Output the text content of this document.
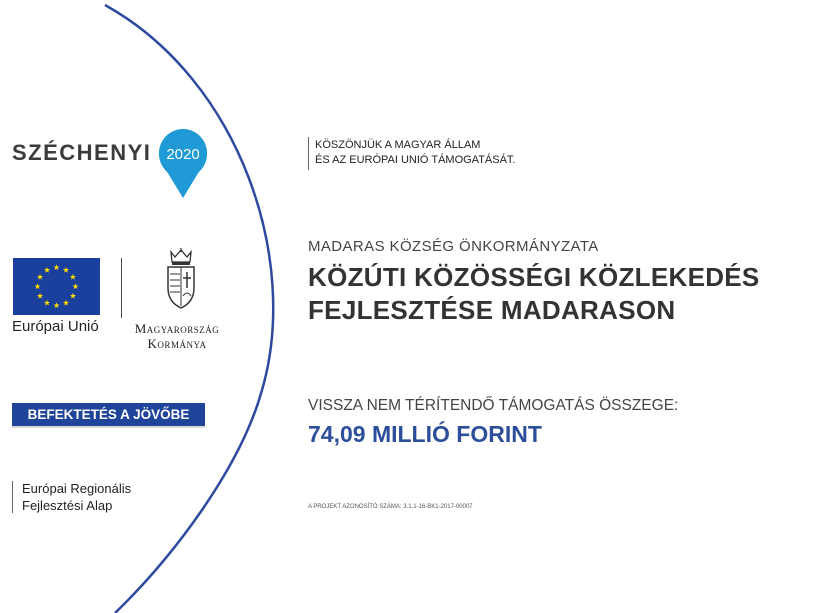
SZÉCHENYI 2020
Európai Unió	Magyarország
Kormánya
BEFEKTETÉS A JÖVŐBE
Európai Regionális
Fejlesztési Alap
KÖSZÖNJÜK A MAGYAR ÁLLAM
ÉS AZ EURÓPAI UNIÓ TÁMOGATÁSÁT.
MADARAS KÖZSÉG ÖNKORMÁNYZATA
KÖZÚTI KÖZÖSSÉGI KÖZLEKEDÉS
FEJLESZTÉSE MADARASON
VISSZA NEM TÉRÍTENDŐ TÁMOGATÁS ÖSSZEGE:
74,09 MILLIÓ FORINT
A PROJEKT AZONOSÍTÓ SZÁMA: 3.1.1-16-BK1-2017-00007
